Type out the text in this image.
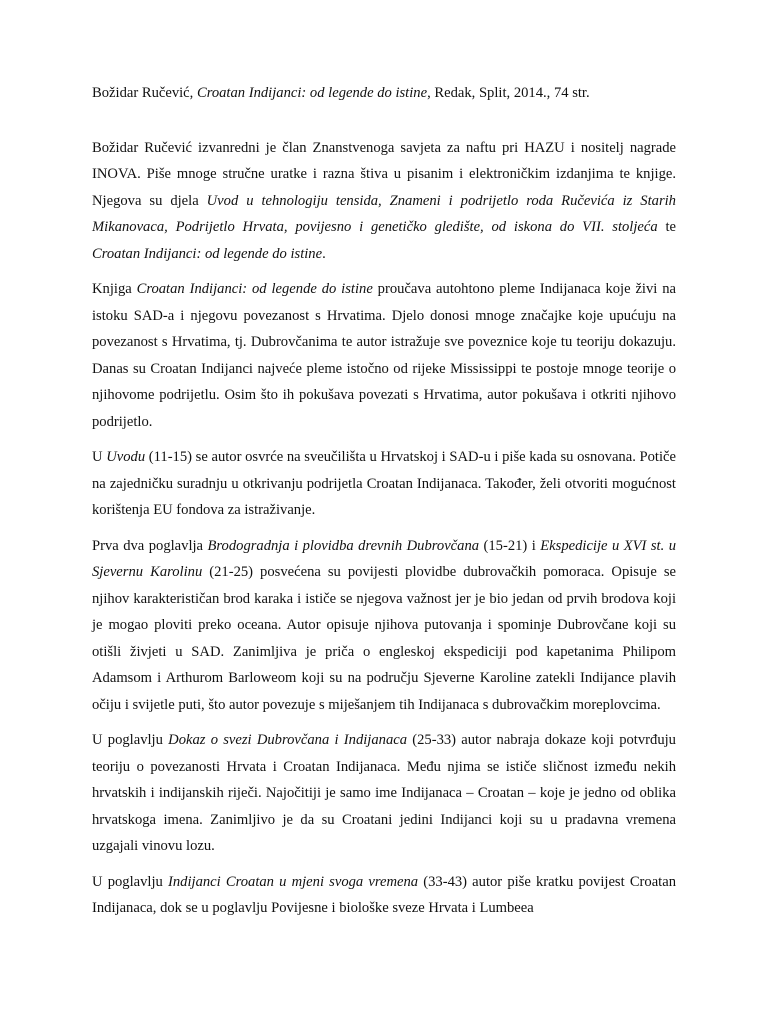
Božidar Ručević, Croatan Indijanci: od legende do istine, Redak, Split, 2014., 74 str.

Božidar Ručević izvanredni je član Znanstvenoga savjeta za naftu pri HAZU i nositelj nagrade INOVA. Piše mnoge stručne uratke i razna štiva u pisanim i elektroničkim izdanjima te knjige. Njegova su djela Uvod u tehnologiju tensida, Znameni i podrijetlo roda Ručevića iz Starih Mikanovaca, Podrijetlo Hrvata, povijesno i genetičko gledište, od iskona do VII. stoljeća te Croatan Indijanci: od legende do istine.

Knjiga Croatan Indijanci: od legende do istine proučava autohtono pleme Indijanaca koje živi na istoku SAD-a i njegovu povezanost s Hrvatima. Djelo donosi mnoge značajke koje upućuju na povezanost s Hrvatima, tj. Dubrovčanima te autor istražuje sve poveznice koje tu teoriju dokazuju. Danas su Croatan Indijanci najveće pleme istočno od rijeke Mississippi te postoje mnoge teorije o njihovome podrijetlu. Osim što ih pokušava povezati s Hrvatima, autor pokušava i otkriti njihovo podrijetlo.

U Uvodu (11-15) se autor osvrće na sveučilišta u Hrvatskoj i SAD-u i piše kada su osnovana. Potiče na zajedničku suradnju u otkrivanju podrijetla Croatan Indijanaca. Također, želi otvoriti mogućnost korištenja EU fondova za istraživanje.

Prva dva poglavlja Brodogradnja i plovidba drevnih Dubrovčana (15-21) i Ekspedicije u XVI st. u Sjevernu Karolinu (21-25) posvećena su povijesti plovidbe dubrovačkih pomoraca. Opisuje se njihov karakterističan brod karaka i ističe se njegova važnost jer je bio jedan od prvih brodova koji je mogao ploviti preko oceana. Autor opisuje njihova putovanja i spominje Dubrovčane koji su otišli živjeti u SAD. Zanimljiva je priča o engleskoj ekspediciji pod kapetanima Philipom Adamsom i Arthurom Barloweom koji su na području Sjeverne Karoline zatekli Indijance plavih očiju i svijetle puti, što autor povezuje s miješanjem tih Indijanaca s dubrovačkim moreplovcima.

U poglavlju Dokaz o svezi Dubrovčana i Indijanaca (25-33) autor nabraja dokaze koji potvrđuju teoriju o povezanosti Hrvata i Croatan Indijanaca. Među njima se ističe sličnost između nekih hrvatskih i indijanskih riječi. Najočitiji je samo ime Indijanaca – Croatan – koje je jedno od oblika hrvatskoga imena. Zanimljivo je da su Croatani jedini Indijanci koji su u pradavna vremena uzgajali vinovu lozu.

U poglavlju Indijanci Croatan u mjeni svoga vremena (33-43) autor piše kratku povijest Croatan Indijanaca, dok se u poglavlju Povijesne i biološke sveze Hrvata i Lumbeea
